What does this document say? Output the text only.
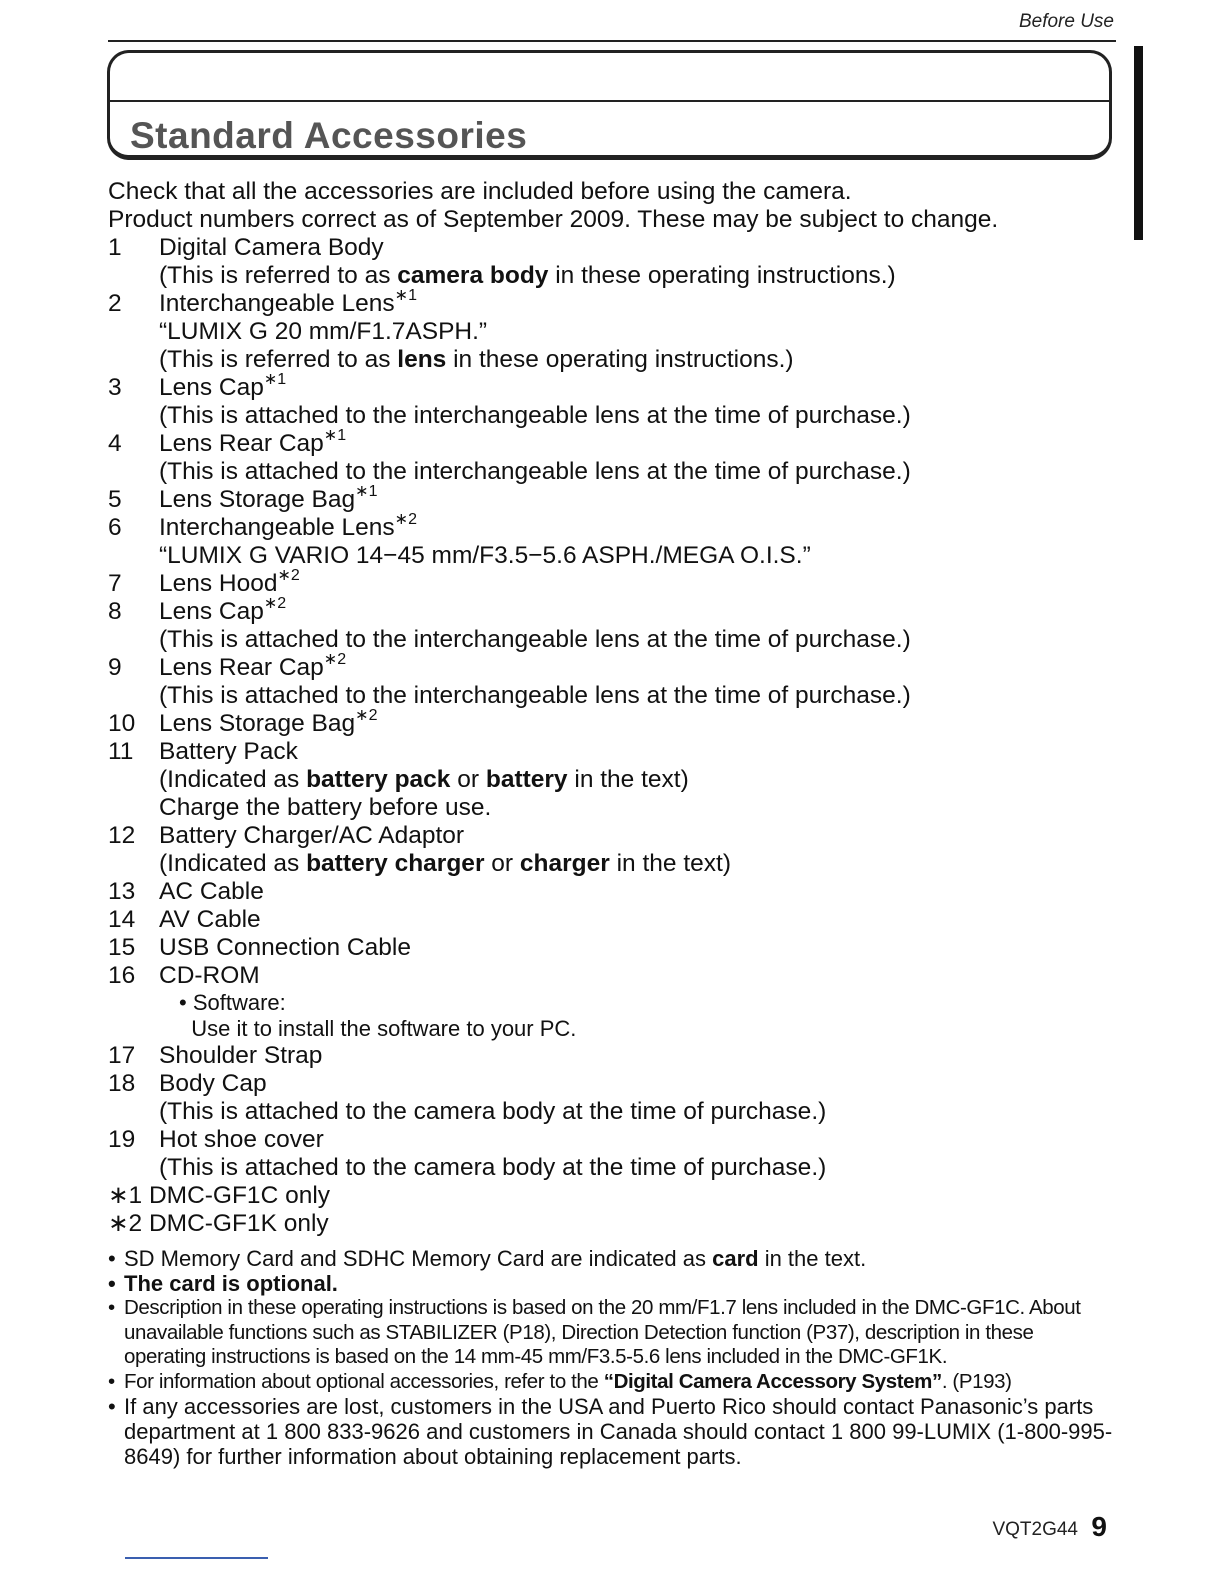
Before Use
Standard Accessories

Check that all the accessories are included before using the camera.

Product numbers correct as of September 2009. These may be subject to change.

1	Digital Camera Body
(This is referred to as camera body in these operating instructions.)
2	Interchangeable Lens$^{∗1}$
“LUMIX G 20 mm/F1.7ASPH.”
(This is referred to as lens in these operating instructions.)
3	Lens Cap$^{∗1}$
(This is attached to the interchangeable lens at the time of purchase.)
4	Lens Rear Cap$^{∗1}$
(This is attached to the interchangeable lens at the time of purchase.)
5	Lens Storage Bag$^{∗1}$
6	Interchangeable Lens$^{∗2}$
“LUMIX G VARIO 14−45 mm/F3.5−5.6 ASPH./MEGA O.I.S.”
7	Lens Hood$^{∗2}$
8	Lens Cap$^{∗2}$
(This is attached to the interchangeable lens at the time of purchase.)
9	Lens Rear Cap$^{∗2}$
(This is attached to the interchangeable lens at the time of purchase.)
10 Lens Storage Bag$^{∗2}$
11	Battery Pack
(Indicated as battery pack or battery in the text)
Charge the battery before use.
12 Battery Charger/AC Adaptor
(Indicated as battery charger or charger in the text)
13 AC Cable
14 AV Cable
15 USB Connection Cable
16 CD-ROM
• Software:
Use it to install the software to your PC.
17 Shoulder Strap
18 Body Cap
(This is attached to the camera body at the time of purchase.)
19 Hot shoe cover
(This is attached to the camera body at the time of purchase.)
∗1 DMC-GF1C only
∗2 DMC-GF1K only
• SD Memory Card and SDHC Memory Card are indicated as card in the text.
• The card is optional.
• Description in these operating instructions is based on the 20 mm/F1.7 lens included in the DMC-GF1C. About unavailable functions such as STABILIZER (P18), Direction Detection function (P37), description in these operating instructions is based on the 14 mm-45 mm/F3.5-5.6 lens included in the DMC-GF1K.
• For information about optional accessories, refer to the “Digital Camera Accessory System”. (P193)
• If any accessories are lost, customers in the USA and Puerto Rico should contact Panasonic’s parts department at 1 800 833-9626 and customers in Canada should contact 1 800 99-LUMIX (1-800-995-8649) for further information about obtaining replacement parts.
VQT2G44 9
